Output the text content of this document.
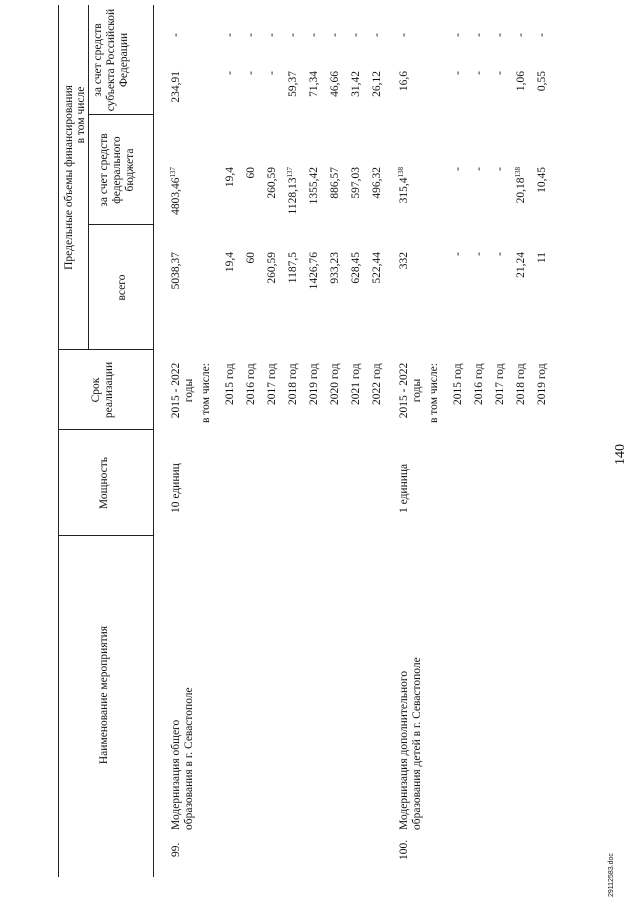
140
Наименование мероприятия
Мощность
Срок реализации
Предельные объемы финансирования
всего
в том числе
за счет средств федерального бюджета
за счет средств субъекта Российской Федерации
99.
Модернизация общего образования в г. Севастополе
10 единиц
2015 - 2022 годы
5038,37
4803,46$^{137}$
234,91
-
в том числе: 2015 год
19,4
19,4
-
-
2016 год
60
60
-
-
2017 год
260,59
260,59
-
-
2018 год
1187,5
1128,13$^{137}$
59,37
-
2019 год
1426,76
1355,42
71,34
-
2020 год
933,23
886,57
46,66
-
2021 год
628,45
597,03
31,42
-
2022 год
522,44
496,32
26,12
-
100.
Модернизация дополнительного образования детей в г. Севастополе
1 единица
2015 - 2022 годы
332
315,4$^{138}$
16,6
-
в том числе: 2015 год
-
-
-
-
2016 год
-
-
-
-
2017 год
-
-
-
-
2018 год
21,24
20,18$^{138}$
1,06
-
2019 год
11
10,45
0,55
-
29112583.doc
